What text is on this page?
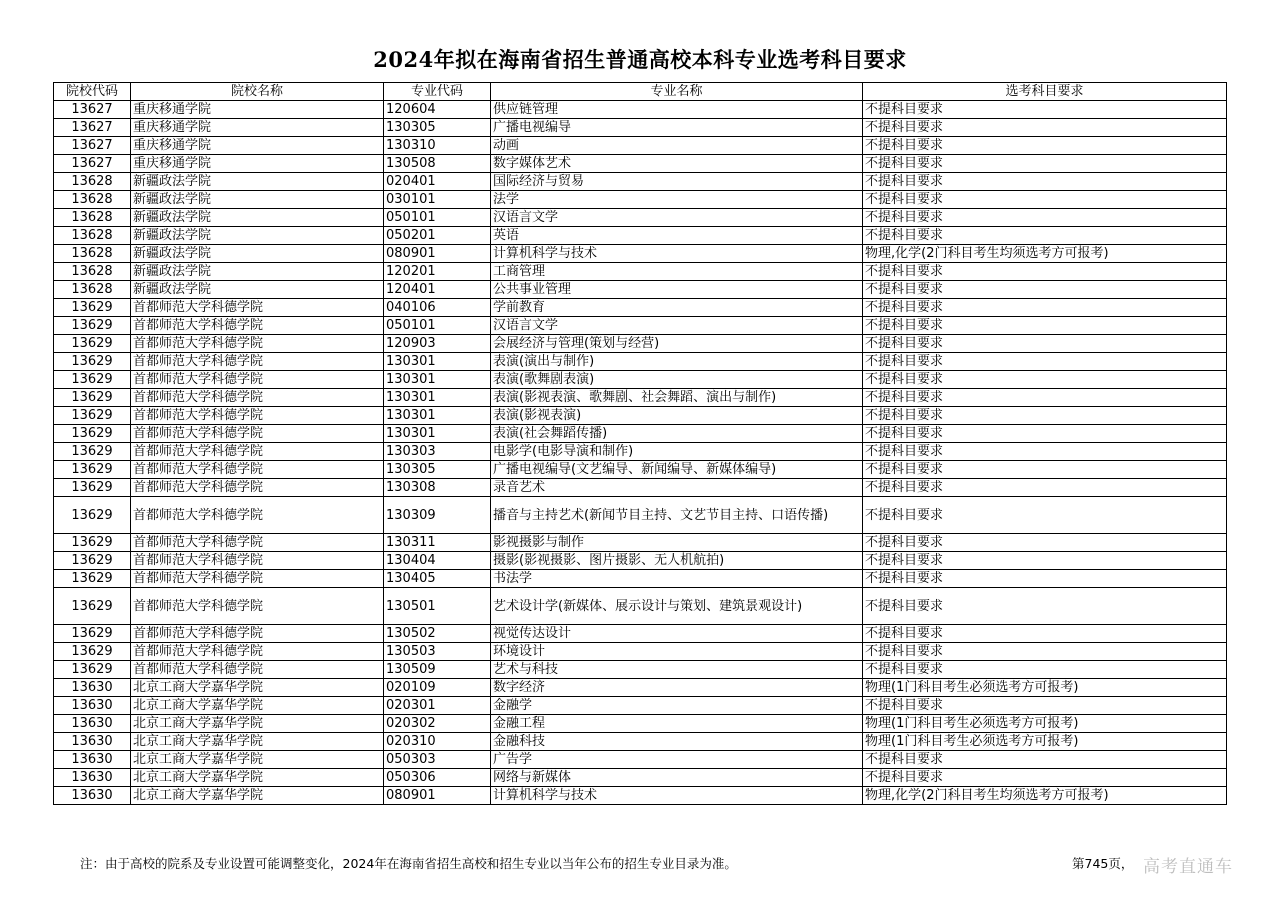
2024年拟在海南省招生普通高校本科专业选考科目要求
院校代码	院校名称	专业代码	专业名称	选考科目要求
13627	重庆移通学院	120604	供应链管理	不提科目要求
13627	重庆移通学院	130305	广播电视编导	不提科目要求
13627	重庆移通学院	130310	动画	不提科目要求
13627	重庆移通学院	130508	数字媒体艺术	不提科目要求
13628	新疆政法学院	020401	国际经济与贸易	不提科目要求
13628	新疆政法学院	030101	法学	不提科目要求
13628	新疆政法学院	050101	汉语言文学	不提科目要求
13628	新疆政法学院	050201	英语	不提科目要求
13628	新疆政法学院	080901	计算机科学与技术	物理,化学(2门科目考生均须选考方可报考)
13628	新疆政法学院	120201	工商管理	不提科目要求
13628	新疆政法学院	120401	公共事业管理	不提科目要求
13629	首都师范大学科德学院	040106	学前教育	不提科目要求
13629	首都师范大学科德学院	050101	汉语言文学	不提科目要求
13629	首都师范大学科德学院	120903	会展经济与管理(策划与经营)	不提科目要求
13629	首都师范大学科德学院	130301	表演(演出与制作)	不提科目要求
13629	首都师范大学科德学院	130301	表演(歌舞剧表演)	不提科目要求
13629	首都师范大学科德学院	130301	表演(影视表演、歌舞剧、社会舞蹈、演出与制作)	不提科目要求
13629	首都师范大学科德学院	130301	表演(影视表演)	不提科目要求
13629	首都师范大学科德学院	130301	表演(社会舞蹈传播)	不提科目要求
13629	首都师范大学科德学院	130303	电影学(电影导演和制作)	不提科目要求
13629	首都师范大学科德学院	130305	广播电视编导(文艺编导、新闻编导、新媒体编导)	不提科目要求
13629	首都师范大学科德学院	130308	录音艺术	不提科目要求
13629	首都师范大学科德学院	130309	播音与主持艺术(新闻节目主持、文艺节目主持、口语传播)	不提科目要求
13629	首都师范大学科德学院	130311	影视摄影与制作	不提科目要求
13629	首都师范大学科德学院	130404	摄影(影视摄影、图片摄影、无人机航拍)	不提科目要求
13629	首都师范大学科德学院	130405	书法学	不提科目要求
13629	首都师范大学科德学院	130501	艺术设计学(新媒体、展示设计与策划、建筑景观设计)	不提科目要求
13629	首都师范大学科德学院	130502	视觉传达设计	不提科目要求
13629	首都师范大学科德学院	130503	环境设计	不提科目要求
13629	首都师范大学科德学院	130509	艺术与科技	不提科目要求
13630	北京工商大学嘉华学院	020109	数字经济	物理(1门科目考生必须选考方可报考)
13630	北京工商大学嘉华学院	020301	金融学	不提科目要求
13630	北京工商大学嘉华学院	020302	金融工程	物理(1门科目考生必须选考方可报考)
13630	北京工商大学嘉华学院	020310	金融科技	物理(1门科目考生必须选考方可报考)
13630	北京工商大学嘉华学院	050303	广告学	不提科目要求
13630	北京工商大学嘉华学院	050306	网络与新媒体	不提科目要求
13630	北京工商大学嘉华学院	080901	计算机科学与技术	物理,化学(2门科目考生均须选考方可报考)
注：由于高校的院系及专业设置可能调整变化，2024年在海南省招生高校和招生专业以当年公布的招生专业目录为准。	第745页， 高考直通车
